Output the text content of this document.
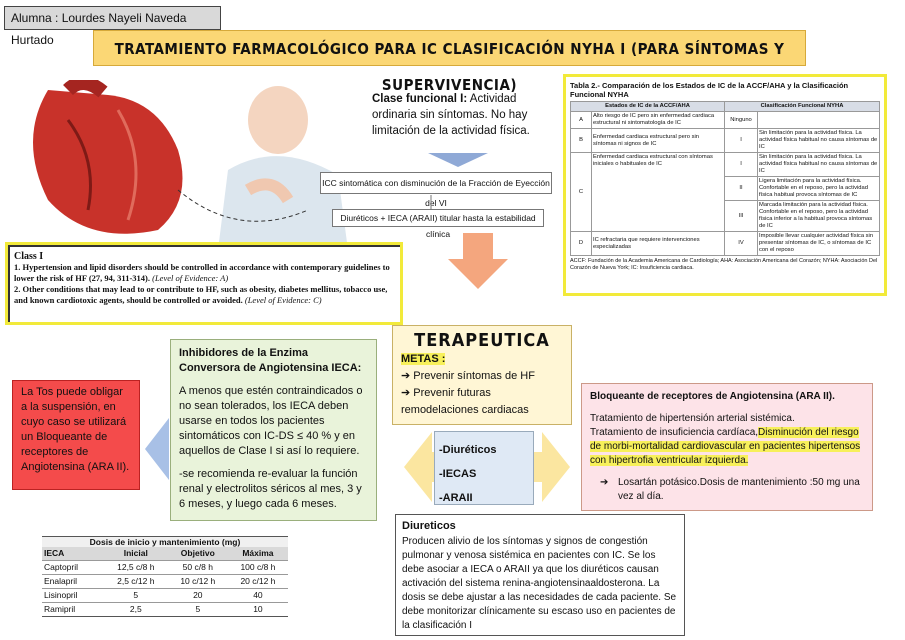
Alumna : Lourdes Nayeli Naveda Hurtado	TRATAMIENTO FARMACOLÓGICO PARA IC CLASIFICACIÓN NYHA I (PARA SÍNTOMAS Y SUPERVIVENCIA)
Clase funcional I: Actividad ordinaria sin síntomas. No hay limitación de la actividad física.
ICC sintomática con disminución de la Fracción de Eyección del VI
Diuréticos + IECA (ARAII) titular hasta la estabilidad clínica
Tabla 2.- Comparación de los Estados de IC de la ACCF/AHA y la Clasificación Funcional NYHA
Estados de IC de la ACCF/AHA		Clasificación Funcional NYHA	
A	Alto riesgo de IC pero sin enfermedad cardiaca estructural ni sintomatología de IC	Ninguno	
B	Enfermedad cardiaca estructural pero sin síntomas ni signos de IC	I	Sin limitación para la actividad física. La actividad física habitual no causa síntomas de IC
C	Enfermedad cardiaca estructural con síntomas iniciales o habituales de IC	I	Sin limitación para la actividad física. La actividad física habitual no causa síntomas de IC
		II	Ligera limitación para la actividad física. Confortable en el reposo, pero la actividad física habitual provoca síntomas de IC
		III	Marcada limitación para la actividad física. Confortable en el reposo, pero la actividad física inferior a la habitual provoca síntomas de IC
D	IC refractaria que requiere intervenciones especializadas	IV	Imposible llevar cualquier actividad física sin presentar síntomas de IC, o síntomas de IC con el reposo
ACCF: Fundación de la Academia Americana de Cardiología; AHA: Asociación Americana del Corazón; NYHA: Asociación Del Corazón de Nueva York; IC: Insuficiencia cardiaca.
Class I
1. Hypertension and lipid disorders should be controlled in accordance with contemporary guidelines to lower the risk of HF (27, 94, 311-314). (Level of Evidence: A)
2. Other conditions that may lead to or contribute to HF, such as obesity, diabetes mellitus, tobacco use, and known cardiotoxic agents, should be controlled or avoided. (Level of Evidence: C)
TERAPEUTICA
METAS :
➔ Prevenir síntomas de HF
➔ Prevenir futuras remodelaciones cardiacas
Inhibidores de la Enzima Conversora de Angiotensina IECA:
A menos que estén contraindicados o no sean tolerados, los IECA deben usarse en todos los pacientes sintomáticos con IC-DS ≤ 40 % y en aquellos de Clase I si así lo requiere.
-se recomienda re-evaluar la función renal y electrolitos séricos al mes, 3 y 6 meses, y luego cada 6 meses.
La Tos puede obligar a la suspensión, en cuyo caso se utilizará un Bloqueante de receptores de Angiotensina (ARA II).
Bloqueante de receptores de Angiotensina (ARA II).
Tratamiento de hipertensión arterial sistémica.
Tratamiento de insuficiencia cardíaca,Disminución del riesgo de morbi-mortalidad cardiovascular en pacientes hipertensos con hipertrofia ventricular izquierda.
➔ Losartán potásico.Dosis de mantenimiento :50 mg una vez al día.
-Diuréticos
-IECAS
-ARAII
Diureticos
Producen alivio de los síntomas y signos de congestión pulmonar y venosa sistémica en pacientes con IC. Se los debe asociar a IECA o ARAII ya que los diuréticos causan activación del sistema renina-angiotensinaaldosterona. La dosis se debe ajustar a las necesidades de cada paciente. Se debe monitorizar clínicamente su escaso uso en pacientes de la clasificación I
Dosis de inicio y mantenimiento (mg)
IECA	Inicial	Objetivo	Máxima
Captopril	12,5 c/8 h	50 c/8 h	100 c/8 h
Enalapril	2,5 c/12 h	10 c/12 h	20 c/12 h
Lisinopril	5	20	40
Ramipril	2,5	5	10
